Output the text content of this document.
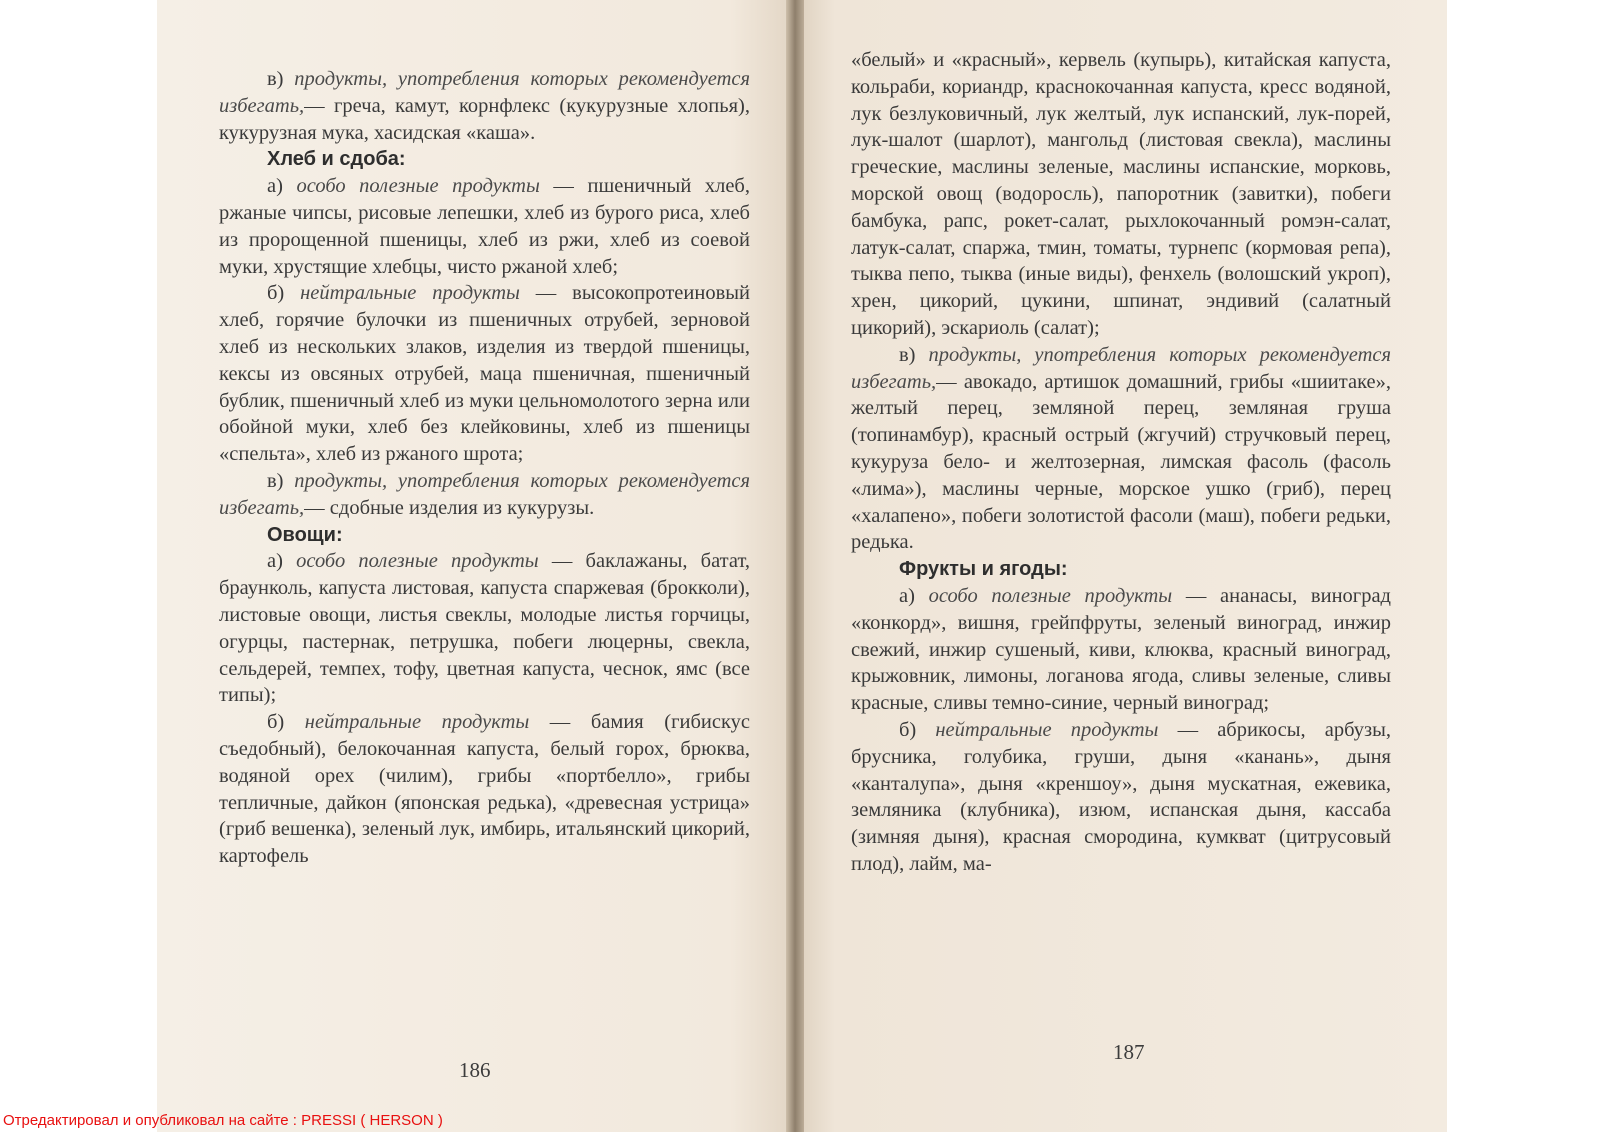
в) продукты, употребления которых рекомендуется избегать,— греча, камут, корнфлекс (кукурузные хлопья), кукурузная мука, хасидская «каша».

Хлеб и сдоба:

а) особо полезные продукты — пшеничный хлеб, ржаные чипсы, рисовые лепешки, хлеб из бурого риса, хлеб из пророщенной пшеницы, хлеб из ржи, хлеб из соевой муки, хрустящие хлебцы, чисто ржаной хлеб;

б) нейтральные продукты — высокопротеиновый хлеб, горячие булочки из пшеничных отрубей, зерновой хлеб из нескольких злаков, изделия из твердой пшеницы, кексы из овсяных отрубей, маца пшеничная, пшеничный бублик, пшеничный хлеб из муки цельномолотого зерна или обойной муки, хлеб без клейковины, хлеб из пшеницы «спельта», хлеб из ржаного шрота;

в) продукты, употребления которых рекомендуется избегать,— сдобные изделия из кукурузы.

Овощи:

а) особо полезные продукты — баклажаны, батат, браунколь, капуста листовая, капуста спаржевая (брокколи), листовые овощи, листья свеклы, молодые листья горчицы, огурцы, пастернак, петрушка, побеги люцерны, свекла, сельдерей, темпех, тофу, цветная капуста, чеснок, ямс (все типы);

б) нейтральные продукты — бамия (гибискус съедобный), белокочанная капуста, белый горох, брюква, водяной орех (чилим), грибы «портбелло», грибы тепличные, дайкон (японская редька), «древесная устрица» (гриб вешенка), зеленый лук, имбирь, итальянский цикорий, картофель

186

«белый» и «красный», кервель (купырь), китайская капуста, кольраби, кориандр, краснокочанная капуста, кресс водяной, лук безлуковичный, лук желтый, лук испанский, лук-порей, лук-шалот (шарлот), мангольд (листовая свекла), маслины греческие, маслины зеленые, маслины испанские, морковь, морской овощ (водоросль), папоротник (завитки), побеги бамбука, рапс, рокет-салат, рыхлокочанный ромэн-салат, латук-салат, спаржа, тмин, томаты, турнепс (кормовая репа), тыква пепо, тыква (иные виды), фенхель (волошский укроп), хрен, цикорий, цукини, шпинат, эндивий (салатный цикорий), эскариоль (салат);

в) продукты, употребления которых рекомендуется избегать,— авокадо, артишок домашний, грибы «шиитаке», желтый перец, земляной перец, земляная груша (топинамбур), красный острый (жгучий) стручковый перец, кукуруза бело- и желтозерная, лимская фасоль (фасоль «лима»), маслины черные, морское ушко (гриб), перец «халапено», побеги золотистой фасоли (маш), побеги редьки, редька.

Фрукты и ягоды:

а) особо полезные продукты — ананасы, виноград «конкорд», вишня, грейпфруты, зеленый виноград, инжир свежий, инжир сушеный, киви, клюква, красный виноград, крыжовник, лимоны, логанова ягода, сливы зеленые, сливы красные, сливы темно-синие, черный виноград;

б) нейтральные продукты — абрикосы, арбузы, брусника, голубика, груши, дыня «канань», дыня «канталупа», дыня «креншоу», дыня мускатная, ежевика, земляника (клубника), изюм, испанская дыня, кассаба (зимняя дыня), красная смородина, кумкват (цитрусовый плод), лайм, ма-

187
Отредактировал и опубликовал на сайте : PRESSI ( HERSON )
